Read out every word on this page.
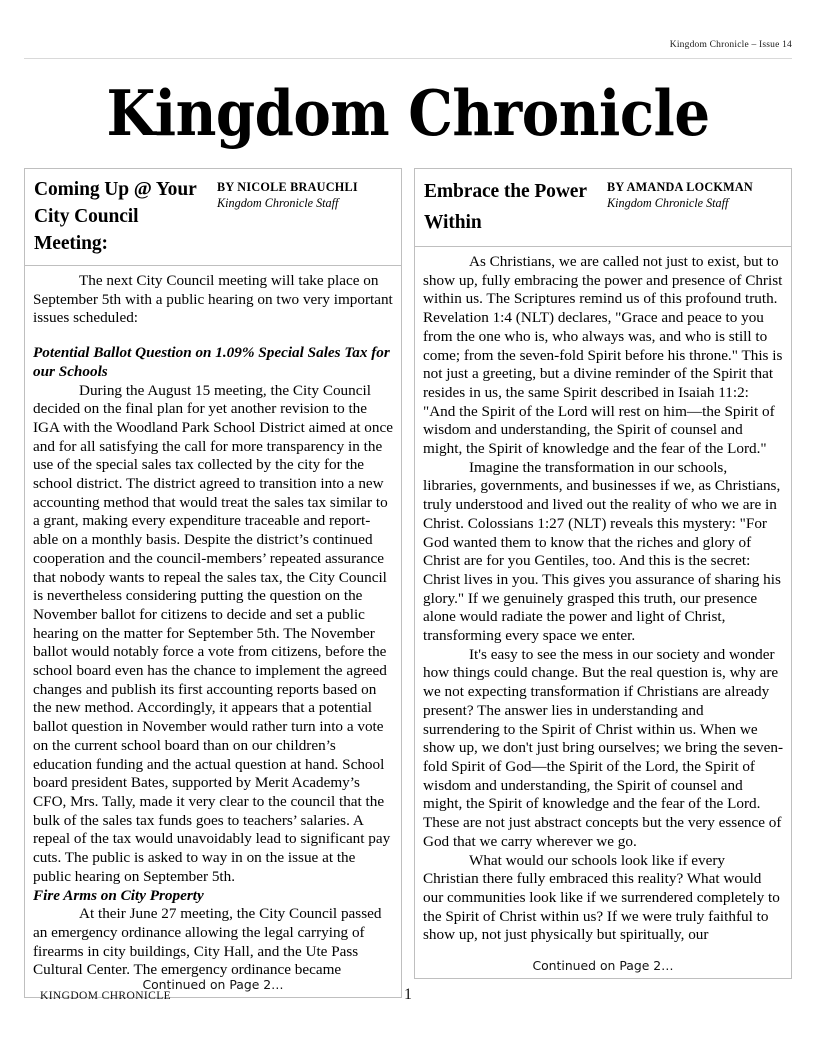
Kingdom Chronicle – Issue 14
Kingdom Chronicle
Coming Up @ Your City Council Meeting:
BY NICOLE BRAUCHLI
Kingdom Chronicle Staff

The next City Council meeting will take place on September 5th with a public hearing on two very important issues scheduled:

Potential Ballot Question on 1.09% Special Sales Tax for our Schools

During the August 15 meeting, the City Council decided on the final plan for yet another revision to the IGA with the Woodland Park School District aimed at once and for all satisfying the call for more transparency in the use of the special sales tax collected by the city for the school district. The district agreed to transition into a new accounting method that would treat the sales tax similar to a grant, making every expenditure traceable and report-able on a monthly basis. Despite the district’s continued cooperation and the council-members’ repeated assurance that nobody wants to repeal the sales tax, the City Council is nevertheless considering putting the question on the November ballot for citizens to decide and set a public hearing on the matter for September 5th. The November ballot would notably force a vote from citizens, before the school board even has the chance to implement the agreed changes and publish its first accounting reports based on the new method. Accordingly, it appears that a potential ballot question in November would rather turn into a vote on the current school board than on our children’s education funding and the actual question at hand. School board president Bates, supported by Merit Academy’s CFO, Mrs. Tally, made it very clear to the council that the bulk of the sales tax funds goes to teachers’ salaries. A repeal of the tax would unavoidably lead to significant pay cuts. The public is asked to way in on the issue at the public hearing on September 5th.

Fire Arms on City Property

At their June 27 meeting, the City Council passed an emergency ordinance allowing the legal carrying of firearms in city buildings, City Hall, and the Ute Pass Cultural Center. The emergency ordinance became

Continued on Page 2…
Embrace the Power Within
BY AMANDA LOCKMAN
Kingdom Chronicle Staff

As Christians, we are called not just to exist, but to show up, fully embracing the power and presence of Christ within us. The Scriptures remind us of this profound truth. Revelation 1:4 (NLT) declares, "Grace and peace to you from the one who is, who always was, and who is still to come; from the seven-fold Spirit before his throne." This is not just a greeting, but a divine reminder of the Spirit that resides in us, the same Spirit described in Isaiah 11:2: "And the Spirit of the Lord will rest on him—the Spirit of wisdom and understanding, the Spirit of counsel and might, the Spirit of knowledge and the fear of the Lord."

Imagine the transformation in our schools, libraries, governments, and businesses if we, as Christians, truly understood and lived out the reality of who we are in Christ. Colossians 1:27 (NLT) reveals this mystery: "For God wanted them to know that the riches and glory of Christ are for you Gentiles, too. And this is the secret: Christ lives in you. This gives you assurance of sharing his glory." If we genuinely grasped this truth, our presence alone would radiate the power and light of Christ, transforming every space we enter.

It's easy to see the mess in our society and wonder how things could change. But the real question is, why are we not expecting transformation if Christians are already present? The answer lies in understanding and surrendering to the Spirit of Christ within us. When we show up, we don't just bring ourselves; we bring the seven-fold Spirit of God—the Spirit of the Lord, the Spirit of wisdom and understanding, the Spirit of counsel and might, the Spirit of knowledge and the fear of the Lord. These are not just abstract concepts but the very essence of God that we carry wherever we go.

What would our schools look like if every Christian there fully embraced this reality? What would our communities look like if we surrendered completely to the Spirit of Christ within us? If we were truly faithful to show up, not just physically but spiritually, our

Continued on Page 2…
KINGDOM CHRONICLE	1
